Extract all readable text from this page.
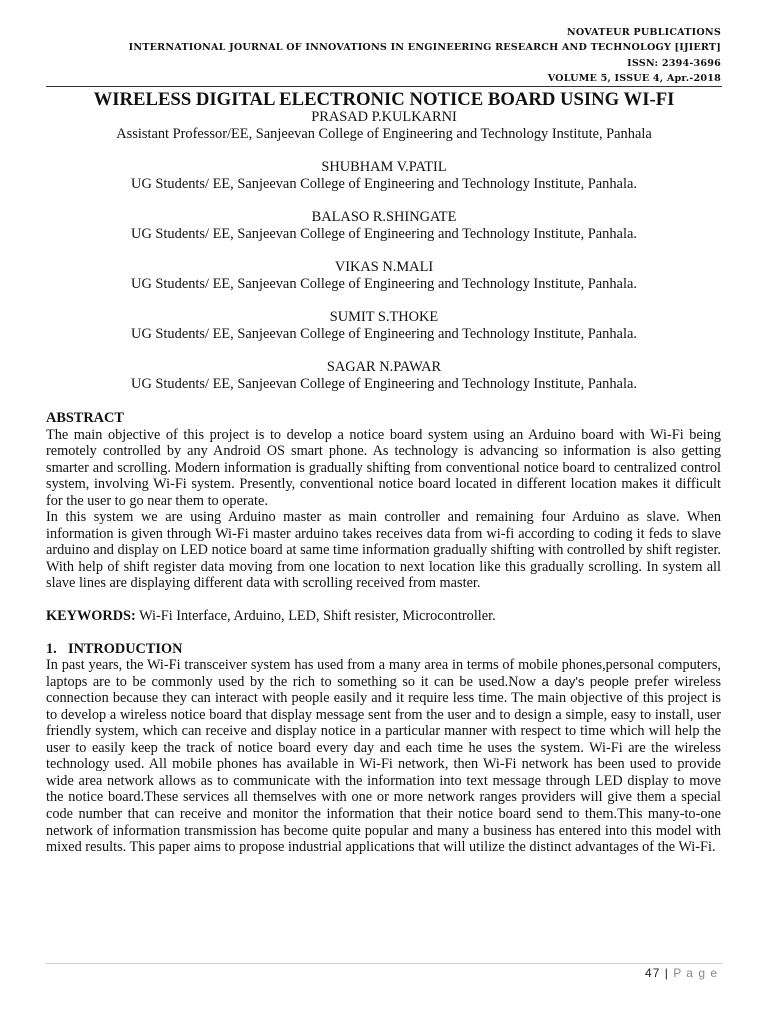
NOVATEUR PUBLICATIONS
INTERNATIONAL JOURNAL OF INNOVATIONS IN ENGINEERING RESEARCH AND TECHNOLOGY [IJIERT]
ISSN: 2394-3696
VOLUME 5, ISSUE 4, Apr.-2018
WIRELESS DIGITAL ELECTRONIC NOTICE BOARD USING WI-FI
PRASAD P.KULKARNI
Assistant Professor/EE, Sanjeevan College of Engineering and Technology Institute, Panhala
SHUBHAM V.PATIL
UG Students/ EE, Sanjeevan College of Engineering and Technology Institute, Panhala.
BALASO R.SHINGATE
UG Students/ EE, Sanjeevan College of Engineering and Technology Institute, Panhala.
VIKAS N.MALI
UG Students/ EE, Sanjeevan College of Engineering and Technology Institute, Panhala.
SUMIT S.THOKE
UG Students/ EE, Sanjeevan College of Engineering and Technology Institute, Panhala.
SAGAR N.PAWAR
UG Students/ EE, Sanjeevan College of Engineering and Technology Institute, Panhala.
ABSTRACT

The main objective of this project is to develop a notice board system using an Arduino board with Wi-Fi being remotely controlled by any Android OS smart phone. As technology is advancing so information is also getting smarter and scrolling. Modern information is gradually shifting from conventional notice board to centralized control system, involving Wi-Fi system. Presently, conventional notice board located in different location makes it difficult for the user to go near them to operate.

In this system we are using Arduino master as main controller and remaining four Arduino as slave. When information is given through Wi-Fi master arduino takes receives data from wi-fi according to coding it feds to slave arduino and display on LED notice board at same time information gradually shifting with controlled by shift register. With help of shift register data moving from one location to next location like this gradually scrolling. In system all slave lines are displaying different data with scrolling received from master.

KEYWORDS: Wi-Fi Interface, Arduino, LED, Shift resister, Microcontroller.

1. INTRODUCTION

In past years, the Wi-Fi transceiver system has used from a many area in terms of mobile phones,personal computers, laptops are to be commonly used by the rich to something so it can be used.Now a day's people prefer wireless connection because they can interact with people easily and it require less time. The main objective of this project is to develop a wireless notice board that display message sent from the user and to design a simple, easy to install, user friendly system, which can receive and display notice in a particular manner with respect to time which will help the user to easily keep the track of notice board every day and each time he uses the system. Wi-Fi are the wireless technology used. All mobile phones has available in Wi-Fi network, then Wi-Fi network has been used to provide wide area network allows as to communicate with the information into text message through LED display to move the notice board.These services all themselves with one or more network ranges providers will give them a special code number that can receive and monitor the information that their notice board send to them.This many-to-one network of information transmission has become quite popular and many a business has entered into this model with mixed results. This paper aims to propose industrial applications that will utilize the distinct advantages of the Wi-Fi.

47 | P a g e
